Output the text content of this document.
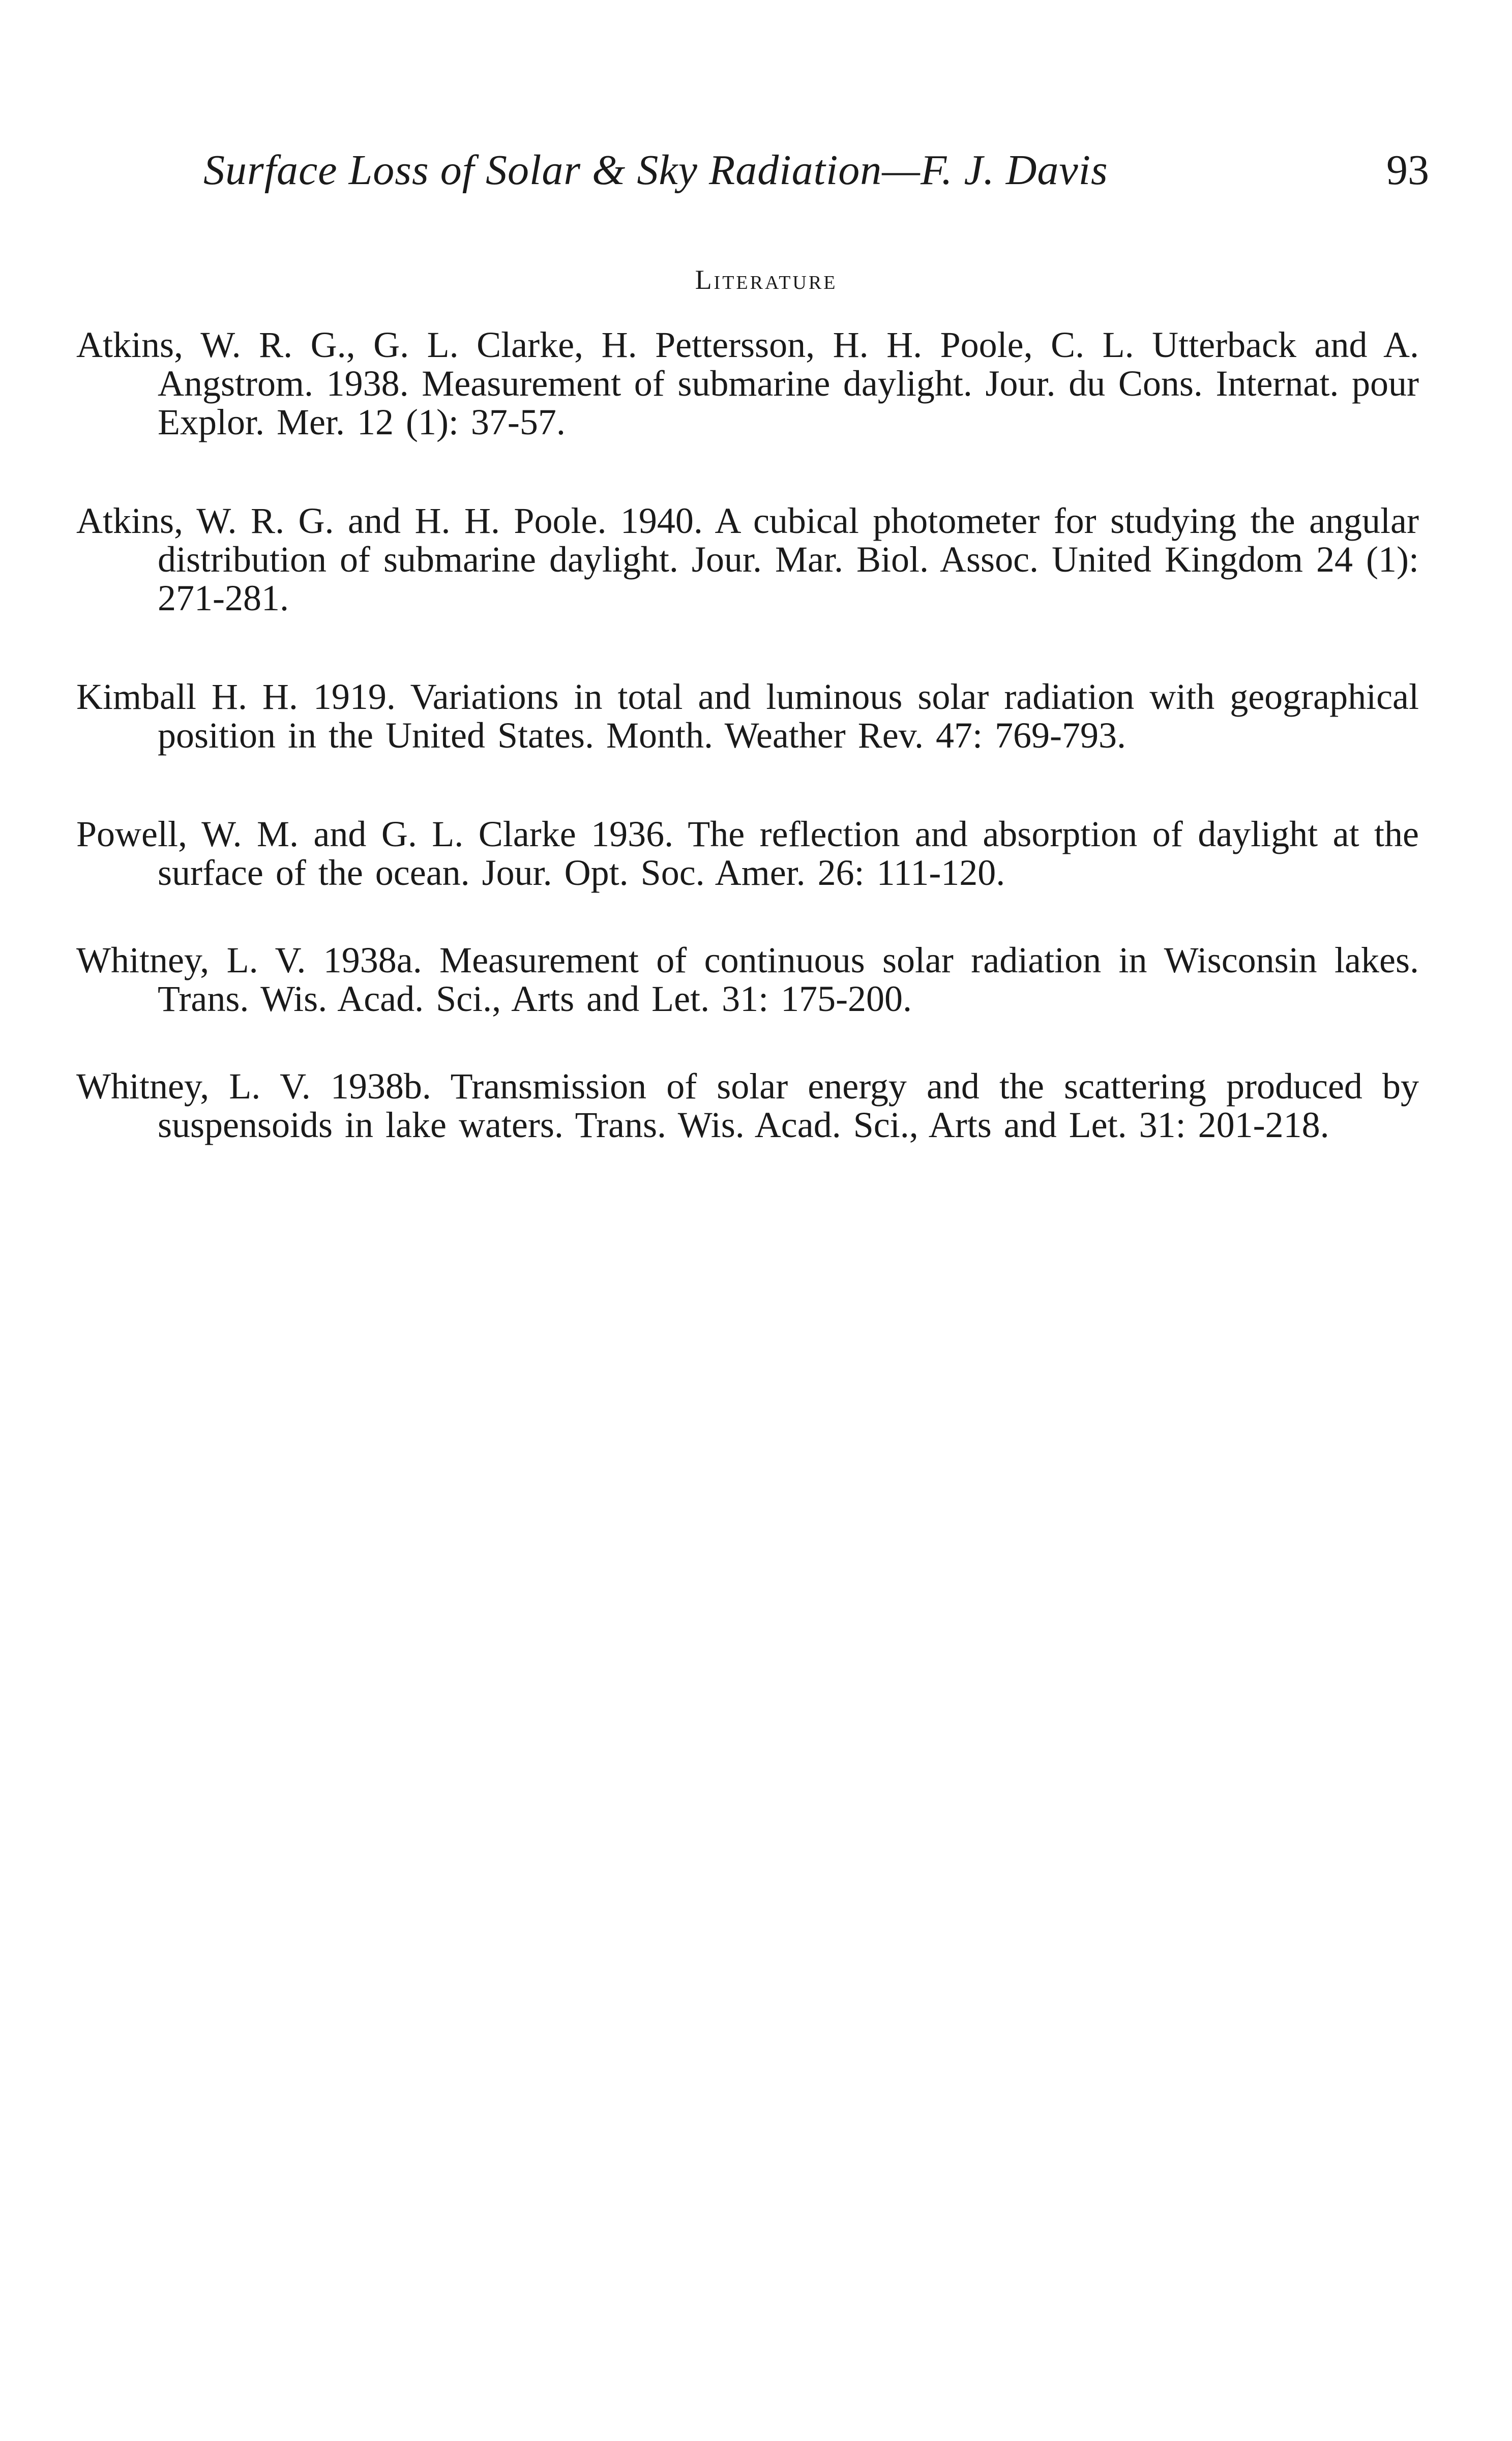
Surface Loss of Solar & Sky Radiation—F. J. Davis	93
Literature
Atkins, W. R. G., G. L. Clarke, H. Pettersson, H. H. Poole, C. L. Utterback and A. Angstrom. 1938. Measurement of submarine daylight. Jour. du Cons. Internat. pour Explor. Mer. 12 (1): 37-57.
Atkins, W. R. G. and H. H. Poole. 1940. A cubical photometer for studying the angular distribution of submarine daylight. Jour. Mar. Biol. Assoc. United Kingdom 24 (1): 271-281.
Kimball H. H. 1919. Variations in total and luminous solar radiation with geographical position in the United States. Month. Weather Rev. 47: 769-793.
Powell, W. M. and G. L. Clarke 1936. The reflection and absorption of daylight at the surface of the ocean. Jour. Opt. Soc. Amer. 26: 111-120.
Whitney, L. V. 1938a. Measurement of continuous solar radiation in Wisconsin lakes. Trans. Wis. Acad. Sci., Arts and Let. 31: 175-200.
Whitney, L. V. 1938b. Transmission of solar energy and the scattering produced by suspensoids in lake waters. Trans. Wis. Acad. Sci., Arts and Let. 31: 201-218.
